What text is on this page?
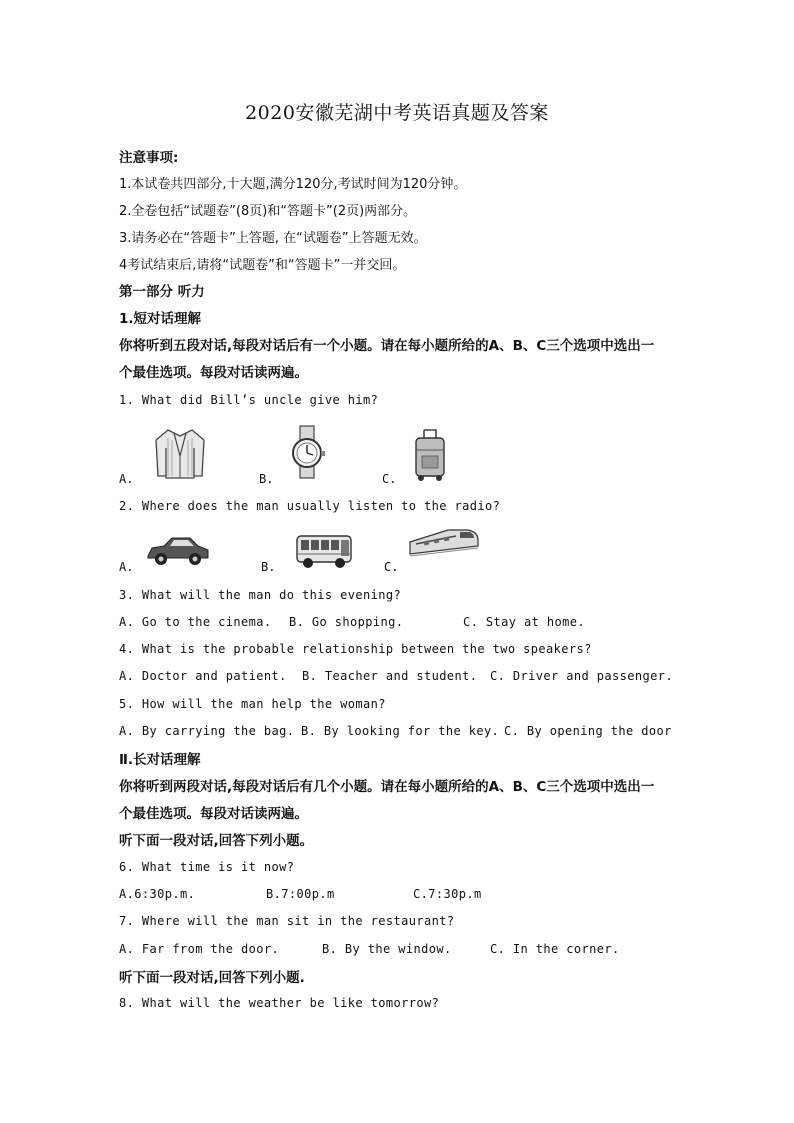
2020安徽芜湖中考英语真题及答案
注意事项:
1.本试卷共四部分,十大题,满分120分,考试时间为120分钟。
2.全卷包括“试题卷”(8页)和“答题卡”(2页)两部分。
3.请务必在“答题卡”上答题, 在“试题卷”上答题无效。
4考试结束后,请将“试题卷”和“答题卡”一并交回。
第一部分 听力
1.短对话理解
你将听到五段对话,每段对话后有一个小题。请在每小题所给的A、B、C三个选项中选出一
个最佳选项。每段对话读两遍。
1. What did Bill’s uncle give him?
A.	B.	C.
2. Where does the man usually listen to the radio?
A.	B.	C.
3. What will the man do this evening?
A. Go to the cinema. B. Go shopping.	C. Stay at home.
4. What is the probable relationship between the two speakers?
A. Doctor and patient. B. Teacher and student. C. Driver and passenger.
5. How will the man help the woman?
A. By carrying the bag. B. By looking for the key. C. By opening the door
Ⅱ.长对话理解
你将听到两段对话,每段对话后有几个小题。请在每小题所给的A、B、C三个选项中选出一
个最佳选项。每段对话读两遍。
听下面一段对话,回答下列小题。
6. What time is it now?
A.6:30p.m.	B.7:00p.m	C.7:30p.m
7. Where will the man sit in the restaurant?
A. Far from the door.	B. By the window.	C. In the corner.
听下面一段对话,回答下列小题.
8. What will the weather be like tomorrow?
